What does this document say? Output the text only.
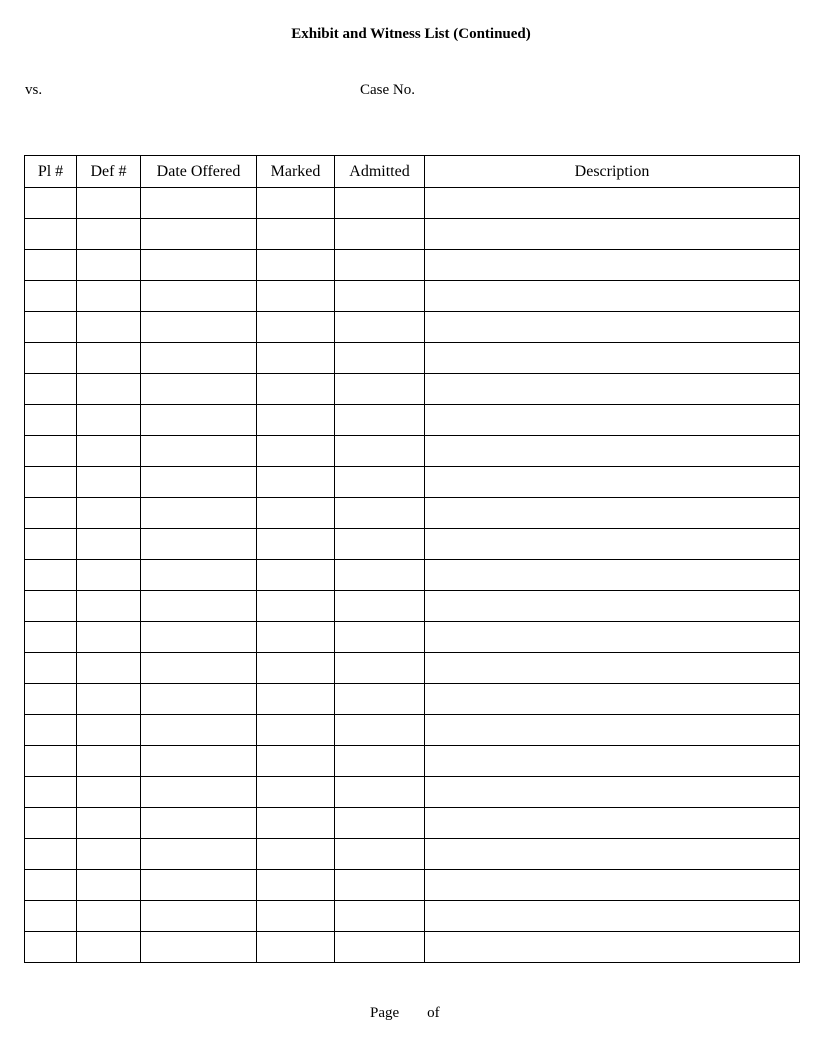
Exhibit and Witness List (Continued)
vs.	Case No.
Pl #	Def #	Date Offered	Marked	Admitted	Description

Page of
